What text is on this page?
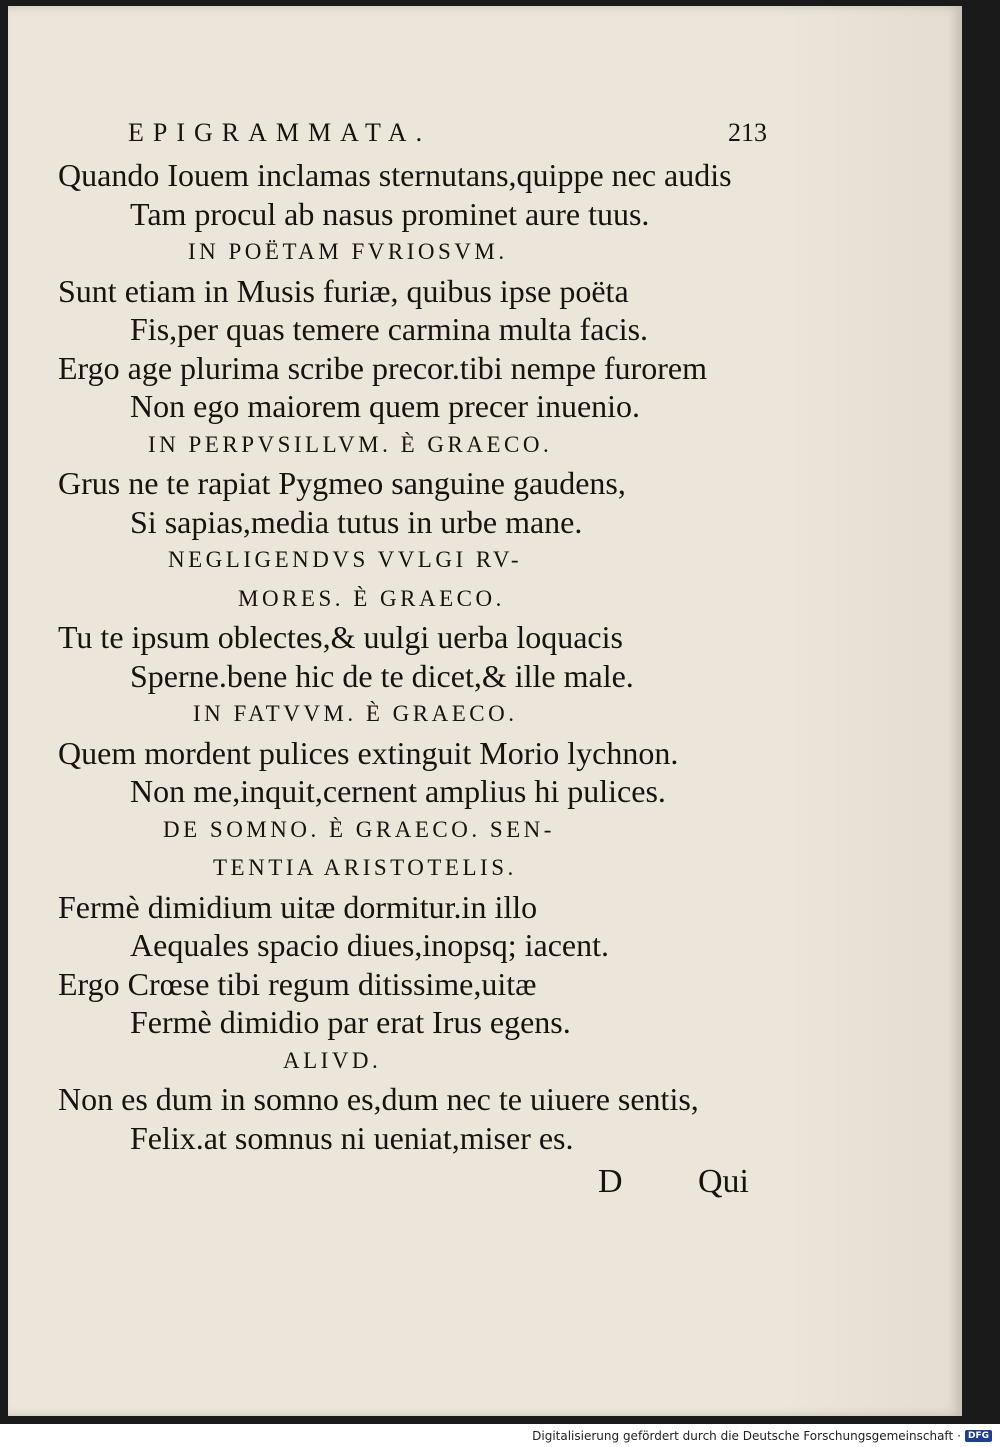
EPIGRAMMATA.	213
Quando Iouem inclamas sternutans,quippe nec audis
Tam procul ab nasus prominet aure tuus.
IN POËTAM FVRIOSVM.
Sunt etiam in Musis furiæ, quibus ipse poëta
Fis,per quas temere carmina multa facis.
Ergo age plurima scribe precor.tibi nempe furorem
Non ego maiorem quem precer inuenio.
IN PERPVSILLVM. È GRAECO.
Grus ne te rapiat Pygmeo sanguine gaudens,
Si sapias,media tutus in urbe mane.
NEGLIGENDVS VVLGI RV-
MORES. È GRAECO.
Tu te ipsum oblectes,& uulgi uerba loquacis
Sperne.bene hic de te dicet,& ille male.
IN FATVVM. È GRAECO.
Quem mordent pulices extinguit Morio lychnon.
Non me,inquit,cernent amplius hi pulices.
DE SOMNO. È GRAECO. SEN-
TENTIA ARISTOTELIS.
Fermè dimidium uitæ dormitur.in illo
Aequales spacio diues,inopsq; iacent.
Ergo Crœse tibi regum ditissime,uitæ
Fermè dimidio par erat Irus egens.
ALIVD.
Non es dum in somno es,dum nec te uiuere sentis,
Felix.at somnus ni ueniat,miser es.
D Qui
Digitalisierung gefördert durch die Deutsche Forschungsgemeinschaft · DFG
